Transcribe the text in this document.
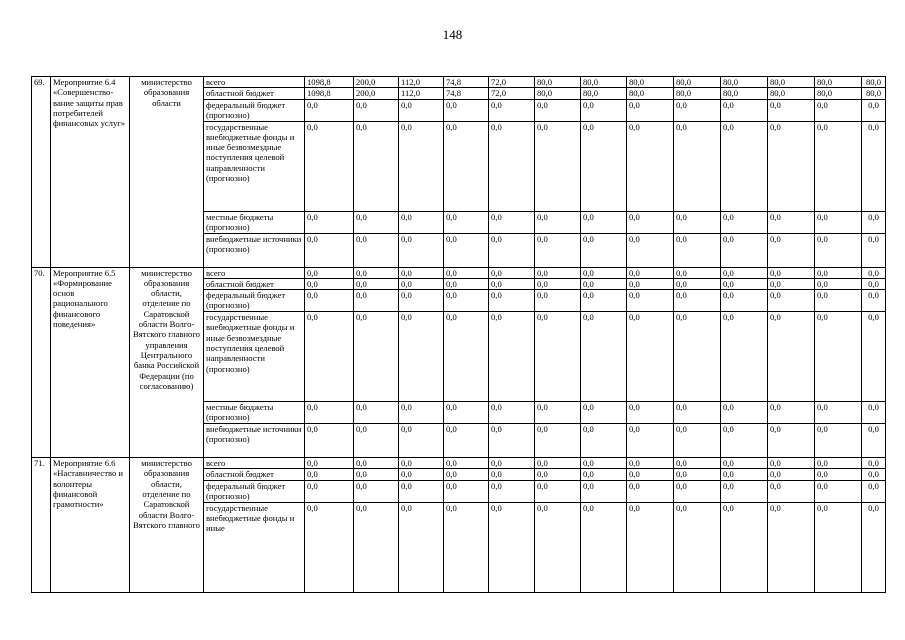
148
69.	Мероприятие 6.4 «Совершенство-вание защиты прав потребителей финансовых услуг»	министерство образования области	всего	1098,8	200,0	112,0	74,8	72,0	80,0	80,0	80,0	80,0	80,0	80,0	80,0	80,0
			областной бюджет	1098,8	200,0	112,0	74,8	72,0	80,0	80,0	80,0	80,0	80,0	80,0	80,0	80,0
			федеральный бюджет (прогнозно)	0,0	0,0	0,0	0,0	0,0	0,0	0,0	0,0	0,0	0,0	0,0	0,0	0,0
			государственные внебюджетные фонды и иные безвозмездные поступления целевой направленности (прогнозно)	0,0	0,0	0,0	0,0	0,0	0,0	0,0	0,0	0,0	0,0	0,0	0,0	0,0
			местные бюджеты (прогнозно)	0,0	0,0	0,0	0,0	0,0	0,0	0,0	0,0	0,0	0,0	0,0	0,0	0,0
			внебюджетные источники (прогнозно)	0,0	0,0	0,0	0,0	0,0	0,0	0,0	0,0	0,0	0,0	0,0	0,0	0,0
70.	Мероприятие 6.5 «Формирование основ рационального финансового поведения»	министерство образования области, отделение по Саратовской области Волго-Вятского главного управления Центрального банка Российской Федерации (по согласованию)	всего	0,0	0,0	0,0	0,0	0,0	0,0	0,0	0,0	0,0	0,0	0,0	0,0	0,0
			областной бюджет	0,0	0,0	0,0	0,0	0,0	0,0	0,0	0,0	0,0	0,0	0,0	0,0	0,0
			федеральный бюджет (прогнозно)	0,0	0,0	0,0	0,0	0,0	0,0	0,0	0,0	0,0	0,0	0,0	0,0	0,0
			государственные внебюджетные фонды и иные безвозмездные поступления целевой направленности (прогнозно)	0,0	0,0	0,0	0,0	0,0	0,0	0,0	0,0	0,0	0,0	0,0	0,0	0,0
			местные бюджеты (прогнозно)	0,0	0,0	0,0	0,0	0,0	0,0	0,0	0,0	0,0	0,0	0,0	0,0	0,0
			внебюджетные источники (прогнозно)	0,0	0,0	0,0	0,0	0,0	0,0	0,0	0,0	0,0	0,0	0,0	0,0	0,0
71.	Мероприятие 6.6 «Наставничество и волонтеры финансовой грамотности»	министерство образования области, отделение по Саратовской области Волго-Вятского главного	всего	0,0	0,0	0,0	0,0	0,0	0,0	0,0	0,0	0,0	0,0	0,0	0,0	0,0
			областной бюджет	0,0	0,0	0,0	0,0	0,0	0,0	0,0	0,0	0,0	0,0	0,0	0,0	0,0
			федеральный бюджет (прогнозно)	0,0	0,0	0,0	0,0	0,0	0,0	0,0	0,0	0,0	0,0	0,0	0,0	0,0
			государственные внебюджетные фонды и иные	0,0	0,0	0,0	0,0	0,0	0,0	0,0	0,0	0,0	0,0	0,0	0,0	0,0
